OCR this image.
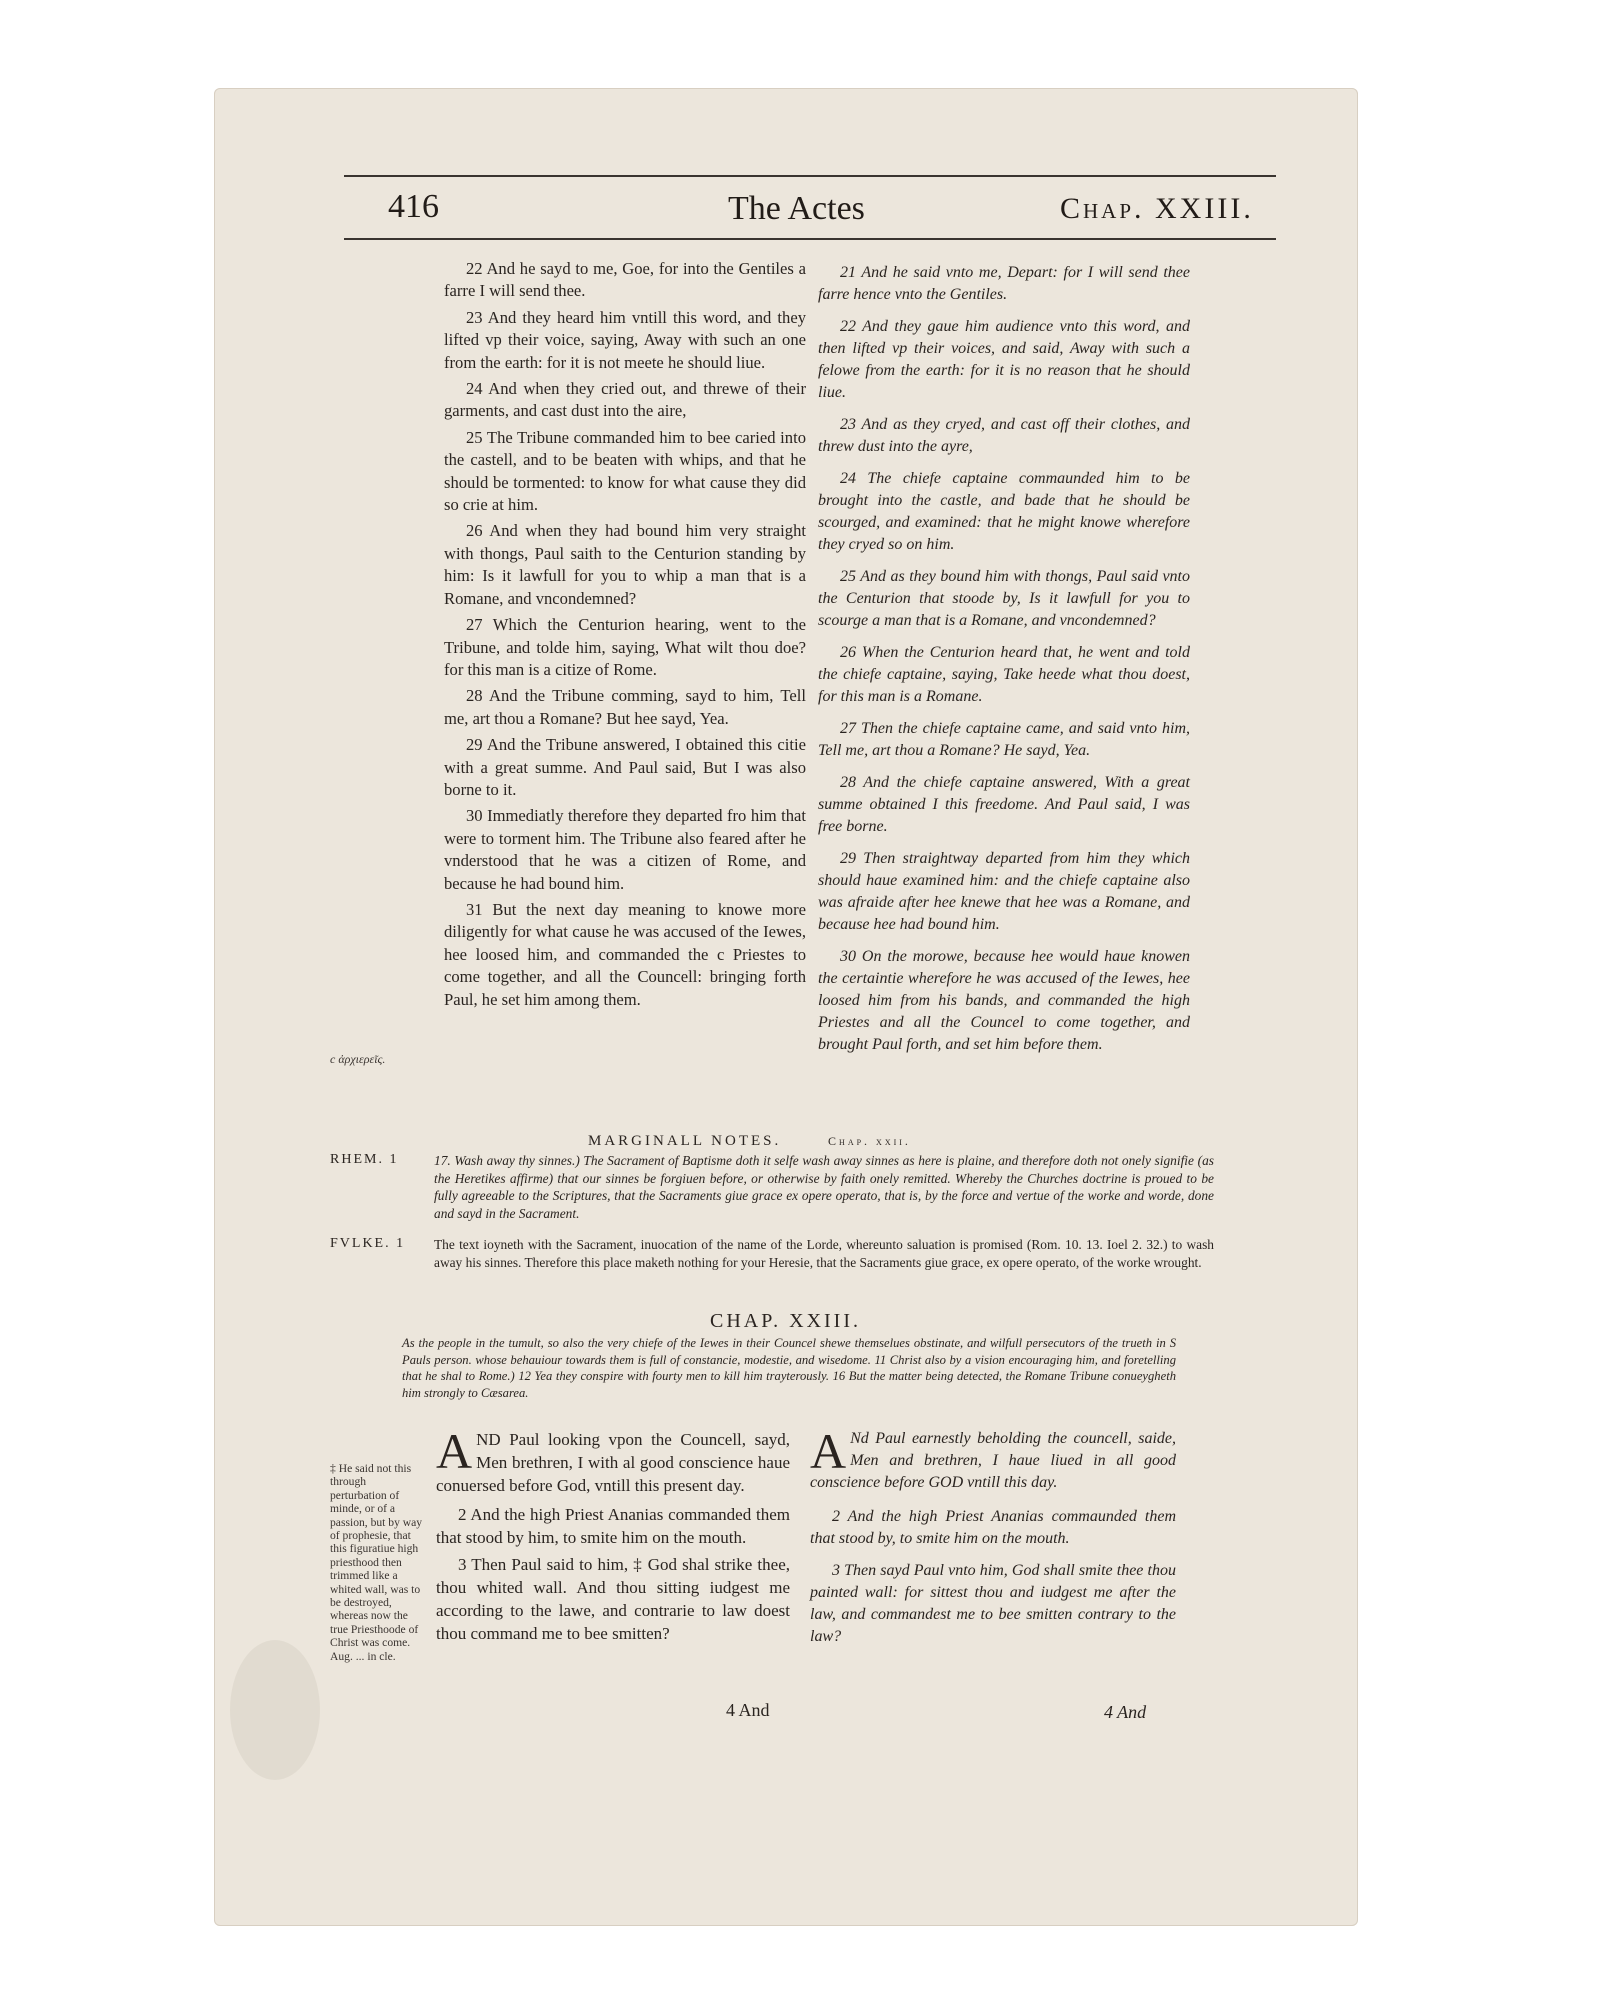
416	The Actes	Chap. XXIII.

22 And he sayd to me, Goe, for into the Gentiles a farre I will send thee.

23 And they heard him vntill this word, and they lifted vp their voice, saying, Away with such an one from the earth: for it is not meete he should liue.

24 And when they cried out, and threwe of their garments, and cast dust into the aire,

25 The Tribune commanded him to bee caried into the castell, and to be beaten with whips, and that he should be tormented: to know for what cause they did so crie at him.

26 And when they had bound him very straight with thongs, Paul saith to the Centurion standing by him: Is it lawfull for you to whip a man that is a Romane, and vncondemned?

27 Which the Centurion hearing, went to the Tribune, and tolde him, saying, What wilt thou doe? for this man is a citize of Rome.

28 And the Tribune comming, sayd to him, Tell me, art thou a Romane? But hee sayd, Yea.

29 And the Tribune answered, I obtained this citie with a great summe. And Paul said, But I was also borne to it.

30 Immediatly therefore they departed fro him that were to torment him. The Tribune also feared after he vnderstood that he was a citizen of Rome, and because he had bound him.

31 But the next day meaning to knowe more diligently for what cause he was accused of the Iewes, hee loosed him, and commanded the c Priestes to come together, and all the Councell: bringing forth Paul, he set him among them.

21 And he said vnto me, Depart: for I will send thee farre hence vnto the Gentiles.

22 And they gaue him audience vnto this word, and then lifted vp their voices, and said, Away with such a felowe from the earth: for it is no reason that he should liue.

23 And as they cryed, and cast off their clothes, and threw dust into the ayre,

24 The chiefe captaine commaunded him to be brought into the castle, and bade that he should be scourged, and examined: that he might knowe wherefore they cryed so on him.

25 And as they bound him with thongs, Paul said vnto the Centurion that stoode by, Is it lawfull for you to scourge a man that is a Romane, and vncondemned?

26 When the Centurion heard that, he went and told the chiefe captaine, saying, Take heede what thou doest, for this man is a Romane.

27 Then the chiefe captaine came, and said vnto him, Tell me, art thou a Romane? He sayd, Yea.

28 And the chiefe captaine answered, With a great summe obtained I this freedome. And Paul said, I was free borne.

29 Then straightway departed from him they which should haue examined him: and the chiefe captaine also was afraide after hee knewe that hee was a Romane, and because hee had bound him.

30 On the morowe, because hee would haue knowen the certaintie wherefore he was accused of the Iewes, hee loosed him from his bands, and commanded the high Priestes and all the Councel to come together, and brought Paul forth, and set him before them.

c ἀρχιερεῖς.
MARGINALL NOTES.	Chap. xxii.
RHEM. 1	17. Wash away thy sinnes.) The Sacrament of Baptisme doth it selfe wash away sinnes as here is plaine, and therefore doth not onely signifie (as the Heretikes affirme) that our sinnes be forgiuen before, or otherwise by faith onely remitted. Whereby the Churches doctrine is proued to be fully agreeable to the Scriptures, that the Sacraments giue grace ex opere operato, that is, by the force and vertue of the worke and worde, done and sayd in the Sacrament.
FVLKE. 1 The text ioyneth with the Sacrament, inuocation of the name of the Lorde, whereunto saluation is promised (Rom. 10. 13. Ioel 2. 32.) to wash away his sinnes. Therefore this place maketh nothing for your Heresie, that the Sacraments giue grace, ex opere operato, of the worke wrought.
CHAP. XXIII.
As the people in the tumult, so also the very chiefe of the Iewes in their Councel shewe themselues obstinate, and wilfull persecutors of the trueth in S Pauls person. whose behauiour towards them is full of constancie, modestie, and wisedome. 11 Christ also by a vision encouraging him, and foretelling that he shal to Rome.) 12 Yea they conspire with fourty men to kill him trayterously. 16 But the matter being detected, the Romane Tribune conueygheth him strongly to Cæsarea.
‡ He said not this through perturbation of minde, or of a passion, but by way of prophesie, that this figuratiue high priesthood then trimmed like a whited wall, was to be destroyed, whereas now the true Priesthoode of Christ was come. Aug. ... in cle.

AND Paul looking vpon the Councell, sayd, Men brethren, I with al good conscience haue conuersed before God, vntill this present day.

2 And the high Priest Ananias commanded them that stood by him, to smite him on the mouth.

3 Then Paul said to him, ‡ God shal strike thee, thou whited wall. And thou sitting iudgest me according to the lawe, and contrarie to law doest thou command me to bee smitten?

A Nd Paul earnestly beholding the councell, saide, Men and brethren, I haue liued in all good conscience before GOD vntill this day.

2 And the high Priest Ananias commaunded them that stood by, to smite him on the mouth.

3 Then sayd Paul vnto him, God shall smite thee thou painted wall: for sittest thou and iudgest me after the law, and commandest me to bee smitten contrary to the law?

4 And	4 And
